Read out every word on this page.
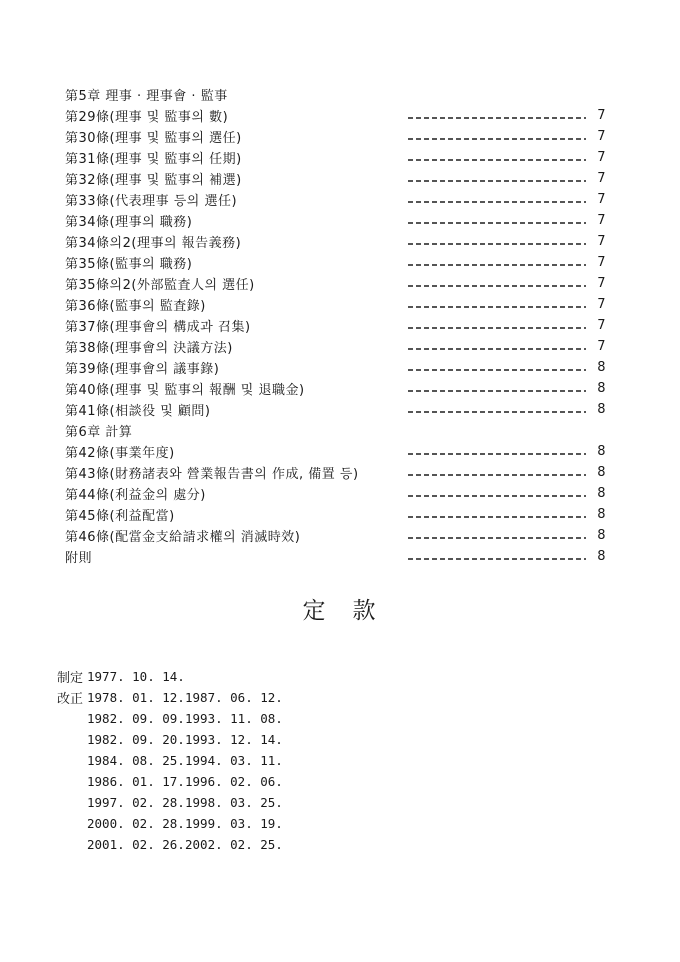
第5章 理事 · 理事會 · 監事
第29條(理事 및 監事의 數)	7
第30條(理事 및 監事의 選任)	7
第31條(理事 및 監事의 任期)	7
第32條(理事 및 監事의 補選)	7
第33條(代表理事 등의 選任)	7
第34條(理事의 職務)	7
第34條의2(理事의 報告義務)	7
第35條(監事의 職務)	7
第35條의2(外部監査人의 選任)	7
第36條(監事의 監査錄)	7
第37條(理事會의 構成과 召集)	7
第38條(理事會의 決議方法)	7
第39條(理事會의 議事錄)	8
第40條(理事 및 監事의 報酬 및 退職金)	8
第41條(相談役 및 顧問)	8
第6章 計算
第42條(事業年度)	8
第43條(財務諸表와 營業報告書의 作成, 備置 등)	8
第44條(利益金의 處分)	8
第45條(利益配當)	8
第46條(配當金支給請求權의 消滅時效)	8
附則	8
定　款
制定 1977. 10. 14.
改正 1978. 01. 12. 1987. 06. 12.
1982. 09. 09. 1993. 11. 08.
1982. 09. 20. 1993. 12. 14.
1984. 08. 25. 1994. 03. 11.
1986. 01. 17. 1996. 02. 06.
1997. 02. 28. 1998. 03. 25.
2000. 02. 28. 1999. 03. 19.
2001. 02. 26. 2002. 02. 25.
